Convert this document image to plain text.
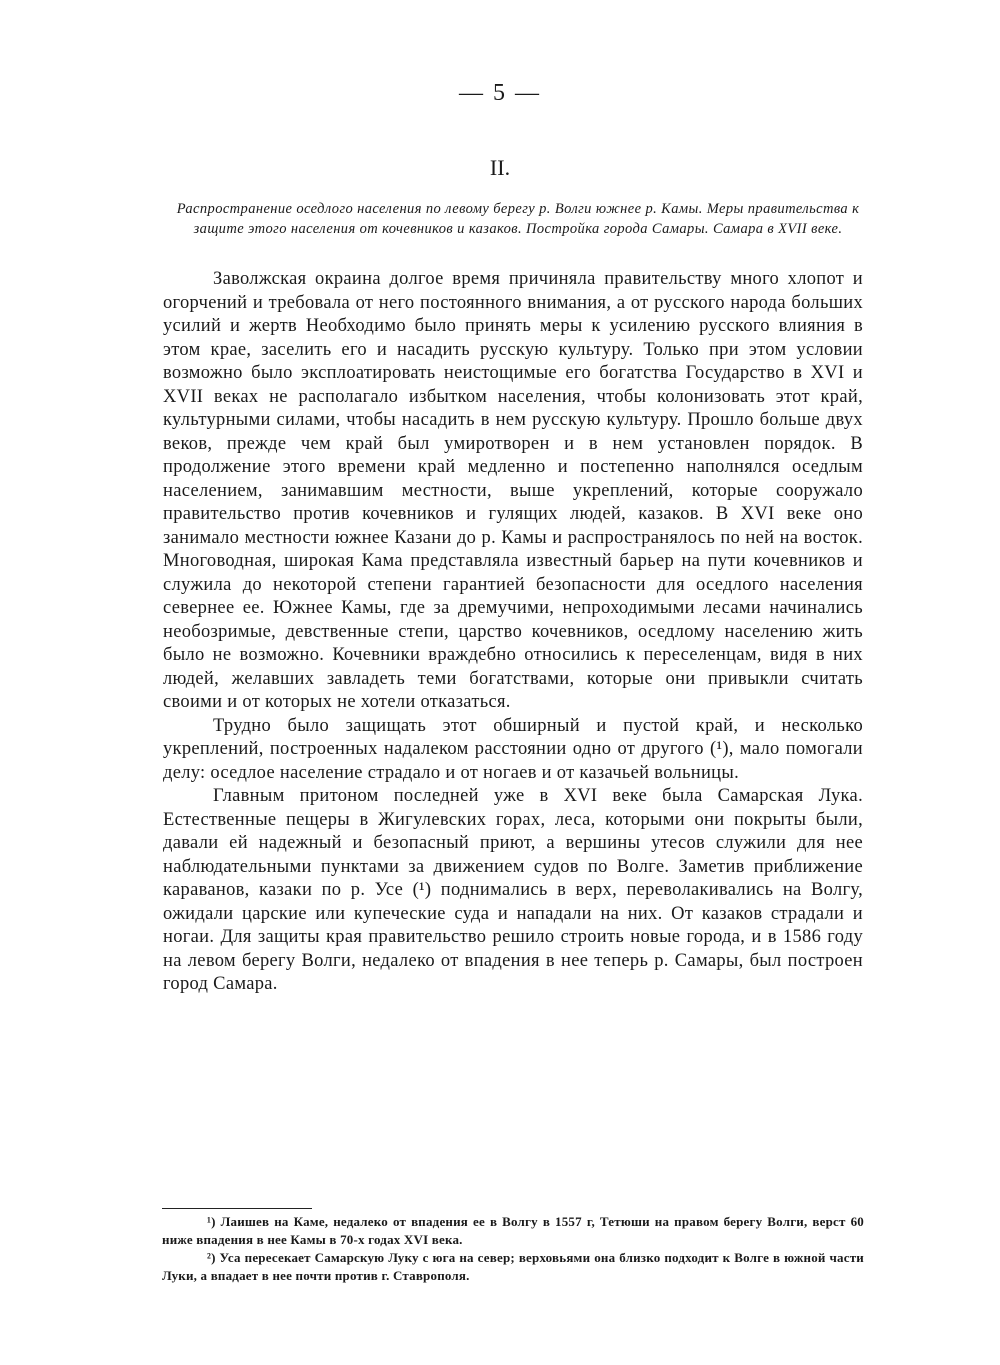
— 5 —
II.
Распространение оседлого населения по левому берегу р. Волги южнее р. Камы. Меры правительства к защите этого населения от кочевников и казаков. Постройка города Самары. Самара в XVII веке.

Заволжская окраина долгое время причиняла правительству много хлопот и огорчений и требовала от него постоянного внимания, а от русского народа больших усилий и жертв Необходимо было принять меры к усилению русского влияния в этом крае, заселить его и насадить русскую культуру. Только при этом условии возможно было эксплоатировать неистощимые его богатства Государство в XVI и XVII веках не располагало избытком населения, чтобы колонизовать этот край, культурными силами, чтобы насадить в нем русскую культуру. Прошло больше двух веков, прежде чем край был умиротворен и в нем установлен порядок. В продолжение этого времени край медленно и постепенно наполнялся оседлым населением, занимавшим местности, выше укреплений, которые сооружало правительство против кочевников и гулящих людей, казаков. В XVI веке оно занимало местности южнее Казани до р. Камы и распространялось по ней на восток. Многоводная, широкая Кама представляла известный барьер на пути кочевников и служила до некоторой степени гарантией безопасности для оседлого населения севернее ее. Южнее Камы, где за дремучими, непроходимыми лесами начинались необозримые, девственные степи, царство кочевников, оседлому населению жить было не возможно. Кочевники враждебно относились к переселенцам, видя в них людей, желавших завладеть теми богатствами, которые они привыкли считать своими и от которых не хотели отказаться.

Трудно было защищать этот обширный и пустой край, и несколько укреплений, построенных надалеком расстоянии одно от другого (¹), мало помогали делу: оседлое население страдало и от ногаев и от казачьей вольницы.

Главным притоном последней уже в XVI веке была Самарская Лука. Естественные пещеры в Жигулевских горах, леса, которыми они покрыты были, давали ей надежный и безопасный приют, а вершины утесов служили для нее наблюдательными пунктами за движением судов по Волге. Заметив приближение караванов, казаки по р. Усе (¹) поднимались в верх, переволакивались на Волгу, ожидали царские или купеческие суда и нападали на них. От казаков страдали и ногаи. Для защиты края правительство решило строить новые города, и в 1586 году на левом берегу Волги, недалеко от впадения в нее теперь р. Самары, был построен город Самара.

¹) Лаишев на Каме, недалеко от впадения ее в Волгу в 1557 г, Тетюши на правом берегу Волги, верст 60 ниже впадения в нее Камы в 70-х годах XVI века.

²) Уса пересекает Самарскую Луку с юга на север; верховьями она близко подходит к Волге в южной части Луки, а впадает в нее почти против г. Ставрополя.
